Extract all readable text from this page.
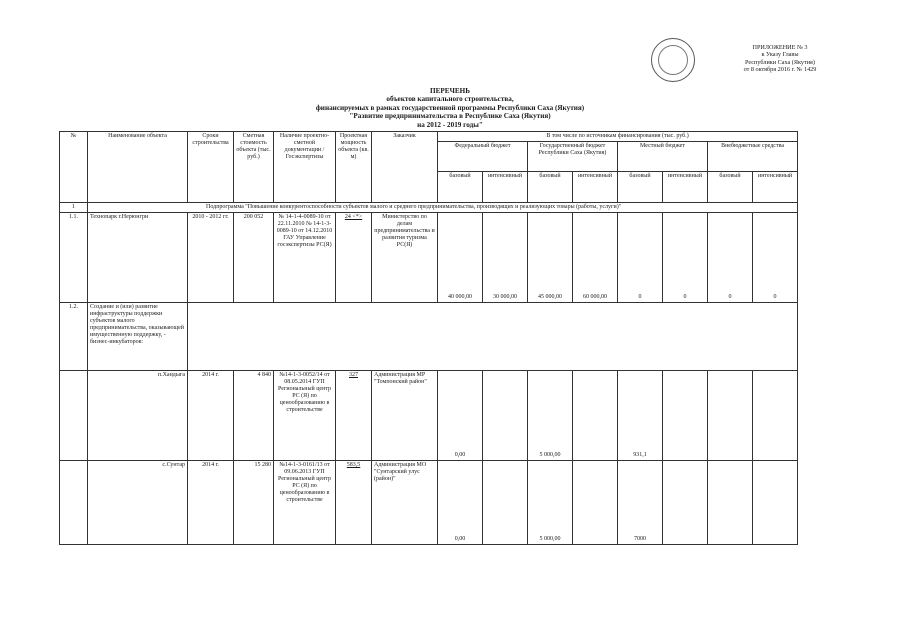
ПРИЛОЖЕНИЕ № 3
к Указу Главы
Республики Саха (Якутия)
от 8 октября 2016 г. № 1429
ПЕРЕЧЕНЬ
объектов капитального строительства,
финансируемых в рамках государственной программы Республики Саха (Якутия)
"Развитие предпринимательства в Республике Саха (Якутия)
на 2012 - 2019 годы"
№	Наименование объекта	Сроки строительства	Сметная стоимость объекта (тыс. руб.)	Наличие проектно-сметной документации / Госэкспертизы	Проектная мощность объекта (кв. м)	Заказчик	В том числе по источникам финансирования (тыс. руб.)							
							Федеральный бюджет		Государственный бюджет Республики Саха (Якутия)		Местный бюджет		Внебюджетные средства	
							базовый	интенсивный	базовый	интенсивный	базовый	интенсивный	базовый	интенсивный
1	Подпрограмма "Повышение конкурентоспособности субъектов малого и среднего предпринимательства, производящих и реализующих товары (работы, услуги)"													
1.1.	Технопарк г.Нерюнгри	2010 - 2012 гг.	200 052	№ 14-1-4-0089-10 от 22.11.2010 № 14-1-3-0089-10 от 14.12.2010 ГАУ Управление госэкспертизы РС(Я)	24 <*>	Министерство по делам предпринимательства и развития туризма РС(Я)	40 000,00	30 000,00	45 000,00	60 000,00	0	0	0	0
1.2.	Создание и (или) развитие инфраструктуры поддержки субъектов малого предпринимательства, оказывающей имущественную поддержку, - бизнес-инкубаторов:													
	п.Хандыга	2014 г.	4 840	№14-1-3-0052/14 от 08.05.2014 ГУП Региональный центр РС (Я) по ценообразованию в строительстве	327	Администрация МР "Томпонский район"	0,00		5 000,00		931,1			
	с.Сунтар	2014 г.	15 280	№14-1-3-0161/13 от 09.06.2013 ГУП Региональный центр РС (Я) по ценообразованию в строительстве	583,5	Администрация МО "Сунтарский улус (район)"	0,00		5 000,00		7000			
